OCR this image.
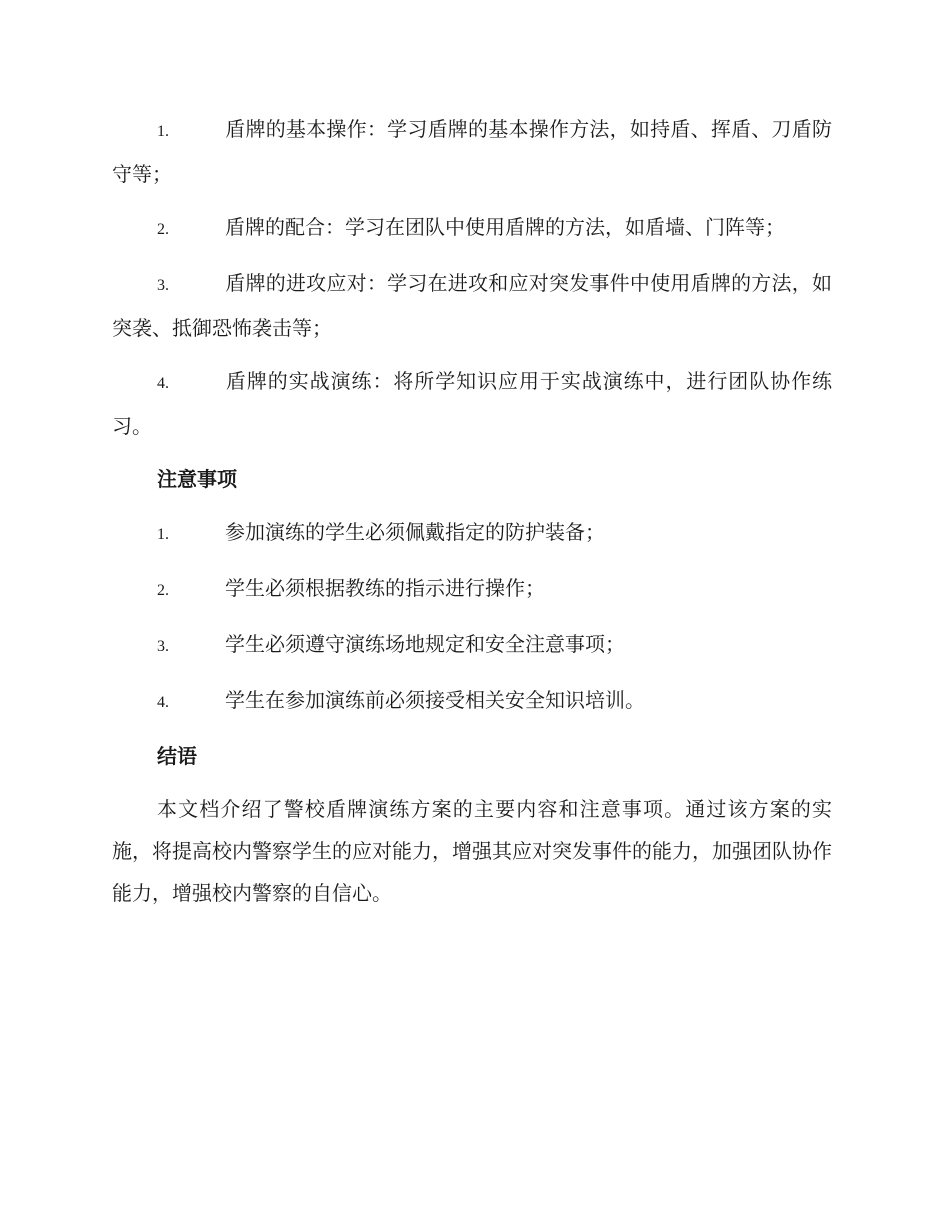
1.	盾牌的基本操作：学习盾牌的基本操作方法，如持盾、挥盾、刀盾防守等；

2.	盾牌的配合：学习在团队中使用盾牌的方法，如盾墙、门阵等；

3.	盾牌的进攻应对：学习在进攻和应对突发事件中使用盾牌的方法，如突袭、抵御恐怖袭击等；

4.	盾牌的实战演练：将所学知识应用于实战演练中，进行团队协作练习。

注意事项

1.	参加演练的学生必须佩戴指定的防护装备；

2.	学生必须根据教练的指示进行操作；

3.	学生必须遵守演练场地规定和安全注意事项；

4.	学生在参加演练前必须接受相关安全知识培训。

结语

本文档介绍了警校盾牌演练方案的主要内容和注意事项。通过该方案的实施，将提高校内警察学生的应对能力，增强其应对突发事件的能力，加强团队协作能力，增强校内警察的自信心。
